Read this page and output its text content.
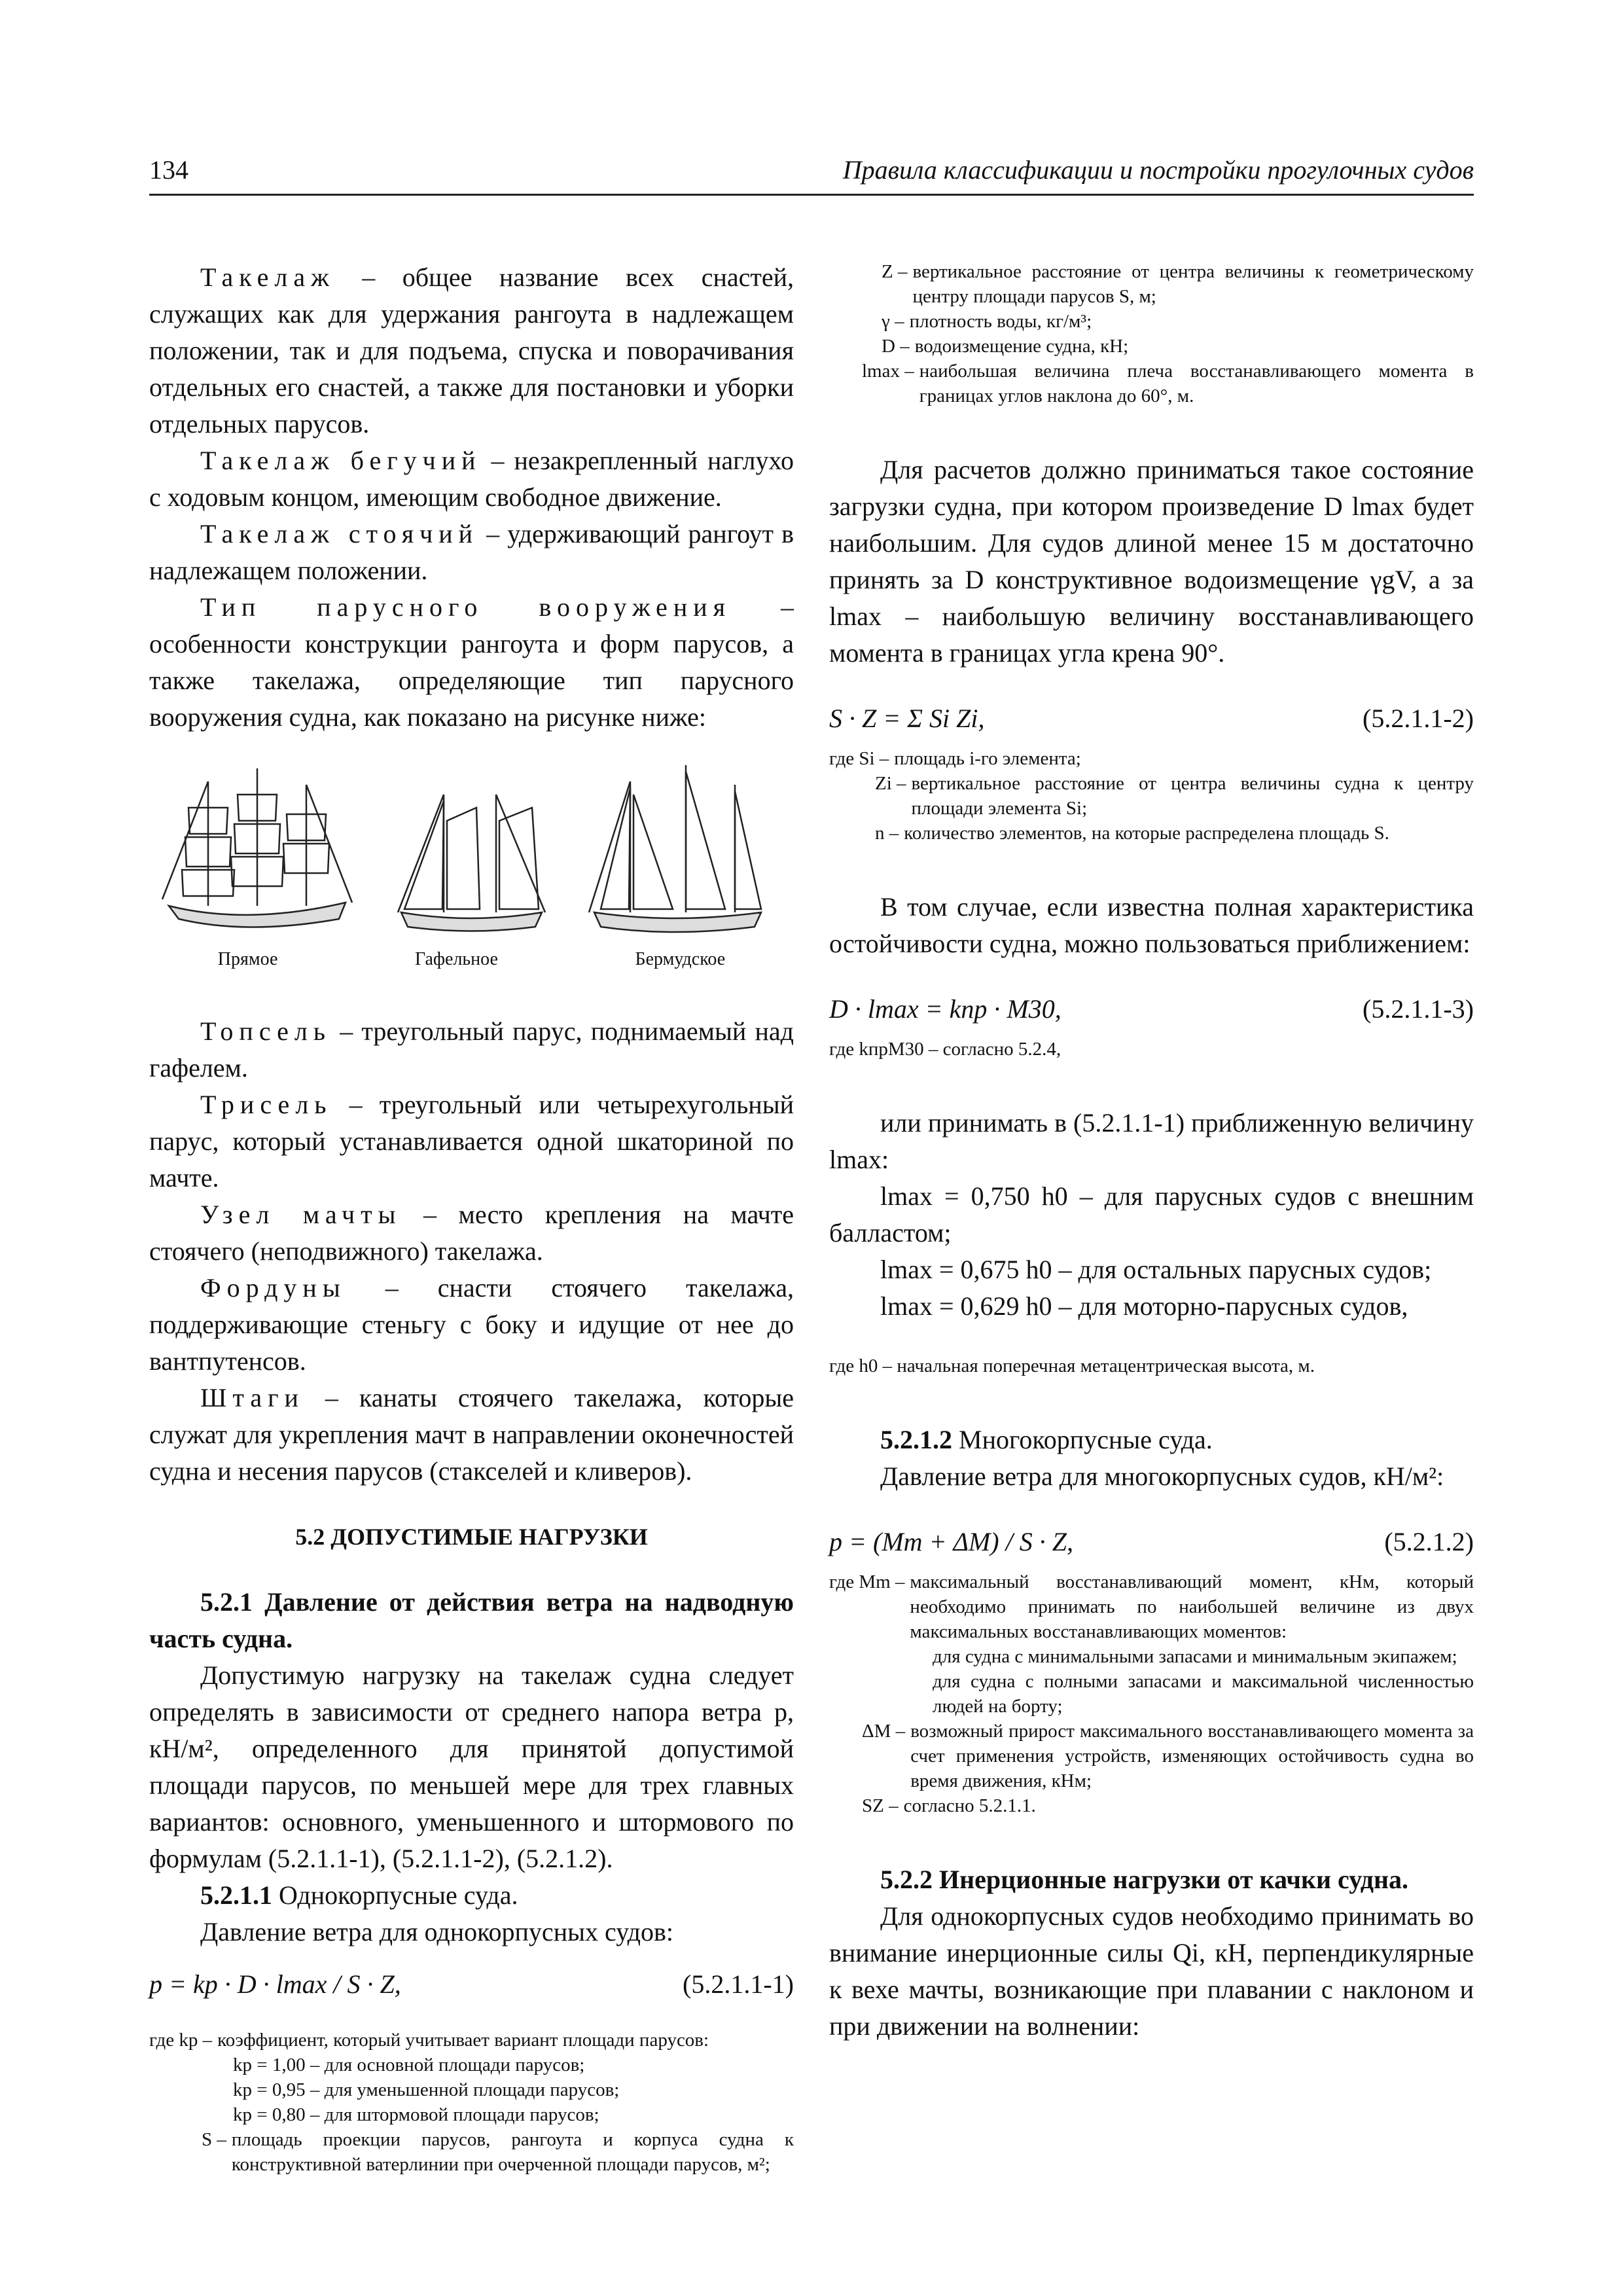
134	Правила классификации и постройки прогулочных судов

Такелаж – общее название всех снастей, служащих как для удержания рангоута в надлежащем положении, так и для подъема, спуска и поворачивания отдельных его снастей, а также для постановки и уборки отдельных парусов.

Такелаж бегучий – незакрепленный наглухо с ходовым концом, имеющим свободное движение.

Такелаж стоячий – удерживающий рангоут в надлежащем положении.

Тип парусного вооружения – особенности конструкции рангоута и форм парусов, а также такелажа, определяющие тип парусного вооружения судна, как показано на рисунке ниже:

Прямое	Гафельное	Бермудское

Топсель – треугольный парус, поднимаемый над гафелем.

Трисель – треугольный или четырехугольный парус, который устанавливается одной шкаториной по мачте.

Узел мачты – место крепления на мачте стоячего (неподвижного) такелажа.

Фордуны – снасти стоячего такелажа, поддерживающие стеньгу с боку и идущие от нее до вантпутенсов.

Штаги – канаты стоячего такелажа, которые служат для укрепления мачт в направлении оконечностей судна и несения парусов (стакселей и кливеров).

5.2 ДОПУСТИМЫЕ НАГРУЗКИ

5.2.1 Давление от действия ветра на надводную часть судна.

Допустимую нагрузку на такелаж судна следует определять в зависимости от среднего напора ветра p, кН/м², определенного для принятой допустимой площади парусов, по меньшей мере для трех главных вариантов: основного, уменьшенного и штормового по формулам (5.2.1.1-1), (5.2.1.1-2), (5.2.1.2).

5.2.1.1 Однокорпусные суда.

Давление ветра для однокорпусных судов:

p = kp · D · lmax / S · Z,	(5.2.1.1-1)
где kp – коэффициент, который учитывает вариант площади парусов:
kp = 1,00 – для основной площади парусов;
kp = 0,95 – для уменьшенной площади парусов;
kp = 0,80 – для штормовой площади парусов;
S – площадь проекции парусов, рангоута и корпуса судна к конструктивной ватерлинии при очерченной площади парусов, м²;
Z – вертикальное расстояние от центра величины к геометрическому центру площади парусов S, м;
γ – плотность воды, кг/м³;
D – водоизмещение судна, кН;
lmax – наибольшая величина плеча восстанавливающего момента в границах углов наклона до 60°, м.

Для расчетов должно приниматься такое состояние загрузки судна, при котором произведение D lmax будет наибольшим. Для судов длиной менее 15 м достаточно принять за D конструктивное водоизмещение γgV, а за lmax – наибольшую величину восстанавливающего момента в границах угла крена 90°.

S · Z = Σ Si Zi,	(5.2.1.1-2)
где Si – площадь i-го элемента;
Zi – вертикальное расстояние от центра величины судна к центру площади элемента Si;
n – количество элементов, на которые распределена площадь S.

В том случае, если известна полная характеристика остойчивости судна, можно пользоваться приближением:

D · lmax = kпр · M30,	(5.2.1.1-3)
где kпрM30 – согласно 5.2.4,

или принимать в (5.2.1.1-1) приближенную величину lmax:

lmax = 0,750 h0 – для парусных судов с внешним балластом;

lmax = 0,675 h0 – для остальных парусных судов;

lmax = 0,629 h0 – для моторно-парусных судов,

где h0 – начальная поперечная метацентрическая высота, м.

5.2.1.2 Многокорпусные суда.

Давление ветра для многокорпусных судов, кН/м²:

p = (Mm + ΔM) / S · Z,	(5.2.1.2)
где Mm – максимальный восстанавливающий момент, кНм, который необходимо принимать по наибольшей величине из двух максимальных восстанавливающих моментов:
для судна с минимальными запасами и минимальным экипажем;
для судна с полными запасами и максимальной численностью людей на борту;
ΔM – возможный прирост максимального восстанавливающего момента за счет применения устройств, изменяющих остойчивость судна во время движения, кНм;
SZ – согласно 5.2.1.1.

5.2.2 Инерционные нагрузки от качки судна.

Для однокорпусных судов необходимо принимать во внимание инерционные силы Qi, кН, перпендикулярные к вехе мачты, возникающие при плавании с наклоном и при движении на волнении:
